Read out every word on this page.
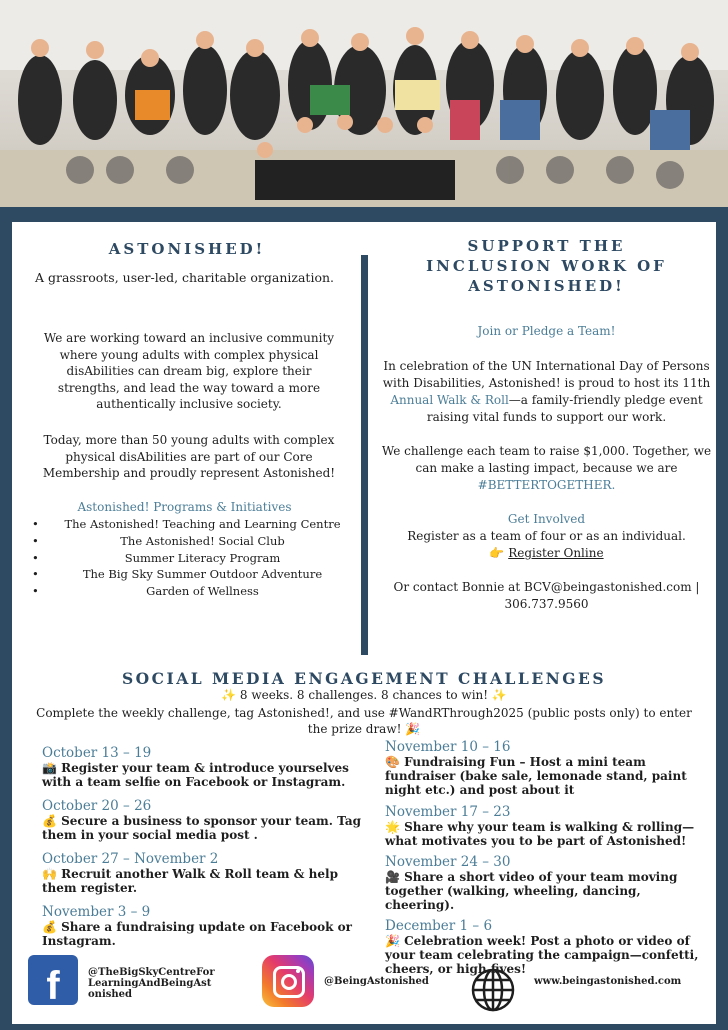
ASTONISHED!
A grassroots, user-led, charitable organization.
We are working toward an inclusive community where young adults with complex physical disAbilities can dream big, explore their strengths, and lead the way toward a more authentically inclusive society.
Today, more than 50 young adults with complex physical disAbilities are part of our Core Membership and proudly represent Astonished!
Astonished! Programs & Initiatives
• The Astonished! Teaching and Learning Centre
• The Astonished! Social Club
• Summer Literacy Program
• The Big Sky Summer Outdoor Adventure
• Garden of Wellness
SUPPORT THE
INCLUSION WORK OF
ASTONISHED!
Join or Pledge a Team!
In celebration of the UN International Day of Persons with Disabilities, Astonished! is proud to host its 11th Annual Walk & Roll—a family-friendly pledge event raising vital funds to support our work.
We challenge each team to raise $1,000. Together, we can make a lasting impact, because we are #BETTERTOGETHER.
Get Involved
Register as a team of four or as an individual.
👉 Register Online
Or contact Bonnie at BCV@beingastonished.com | 306.737.9560
SOCIAL MEDIA ENGAGEMENT CHALLENGES
✨ 8 weeks. 8 challenges. 8 chances to win! ✨
Complete the weekly challenge, tag Astonished!, and use #WandRThrough2025 (public posts only) to enter the prize draw! 🎉
October 13 – 19
📸 Register your team & introduce yourselves with a team selfie on Facebook or Instagram.
October 20 – 26
💰 Secure a business to sponsor your team. Tag them in your social media post .
October 27 – November 2
🙌 Recruit another Walk & Roll team & help them register.
November 3 – 9
💰 Share a fundraising update on Facebook or Instagram.
November 10 – 16
🎨 Fundraising Fun – Host a mini team fundraiser (bake sale, lemonade stand, paint night etc.) and post about it
November 17 – 23
🌟 Share why your team is walking & rolling—what motivates you to be part of Astonished!
November 24 – 30
🎥 Share a short video of your team moving together (walking, wheeling, dancing, cheering).
December 1 – 6
🎉 Celebration week! Post a photo or video of your team celebrating the campaign—confetti, cheers, or high fives!
f	@TheBigSkyCentreForLearningAndBeingAstonished
@BeingAstonished	www.beingastonished.com
